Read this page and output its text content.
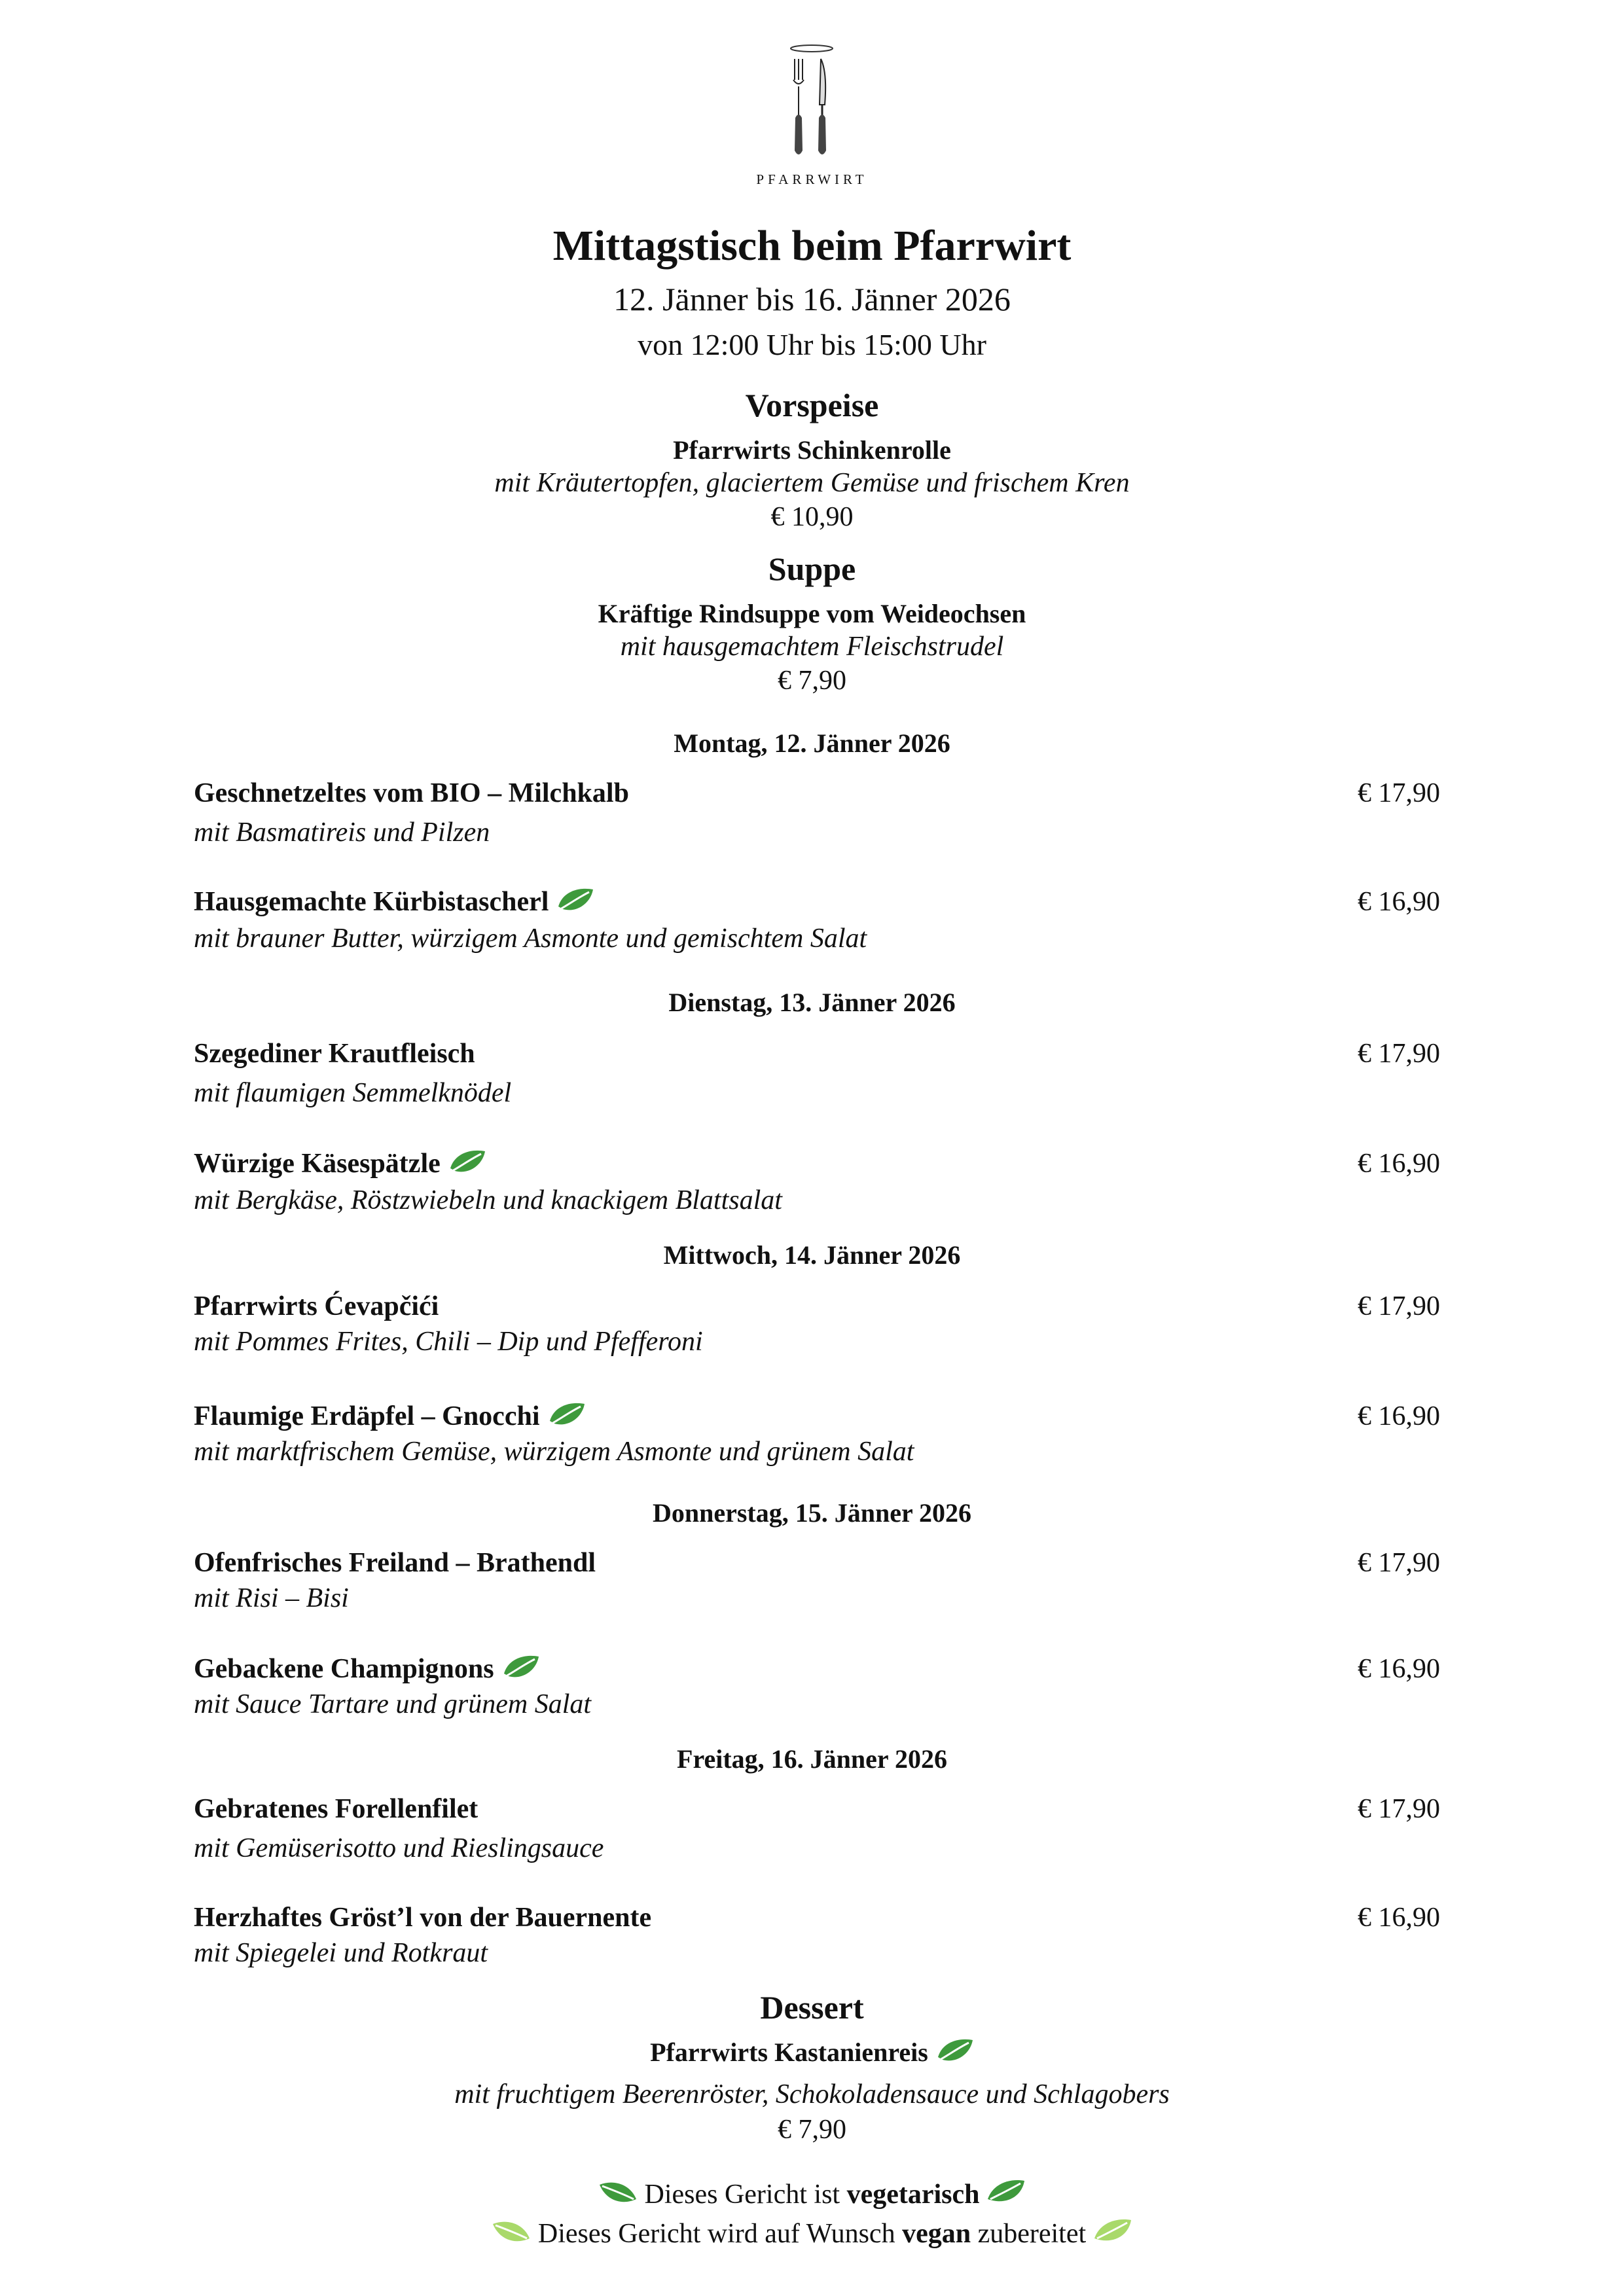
PFARRWIRT
Mittagstisch beim Pfarrwirt
12. Jänner bis 16. Jänner 2026
von 12:00 Uhr bis 15:00 Uhr
Vorspeise
Pfarrwirts Schinkenrolle
mit Kräutertopfen, glaciertem Gemüse und frischem Kren
€ 10,90
Suppe
Kräftige Rindsuppe vom Weideochsen
mit hausgemachtem Fleischstrudel
€ 7,90
Montag, 12. Jänner 2026
Geschnetzeltes vom BIO – Milchkalb	€ 17,90
mit Basmatireis und Pilzen
Hausgemachte Kürbistascherl	€ 16,90
mit brauner Butter, würzigem Asmonte und gemischtem Salat
Dienstag, 13. Jänner 2026
Szegediner Krautfleisch	€ 17,90
mit flaumigen Semmelknödel
Würzige Käsespätzle	€ 16,90
mit Bergkäse, Röstzwiebeln und knackigem Blattsalat
Mittwoch, 14. Jänner 2026
Pfarrwirts Ćevapčići	€ 17,90
mit Pommes Frites, Chili – Dip und Pfefferoni
Flaumige Erdäpfel – Gnocchi	€ 16,90
mit marktfrischem Gemüse, würzigem Asmonte und grünem Salat
Donnerstag, 15. Jänner 2026
Ofenfrisches Freiland – Brathendl	€ 17,90
mit Risi – Bisi
Gebackene Champignons	€ 16,90
mit Sauce Tartare und grünem Salat
Freitag, 16. Jänner 2026
Gebratenes Forellenfilet	€ 17,90
mit Gemüserisotto und Rieslingsauce
Herzhaftes Gröst’l von der Bauernente	€ 16,90
mit Spiegelei und Rotkraut
Dessert
Pfarrwirts Kastanienreis
mit fruchtigem Beerenröster, Schokoladensauce und Schlagobers
€ 7,90
Dieses Gericht ist vegetarisch
Dieses Gericht wird auf Wunsch vegan zubereitet
